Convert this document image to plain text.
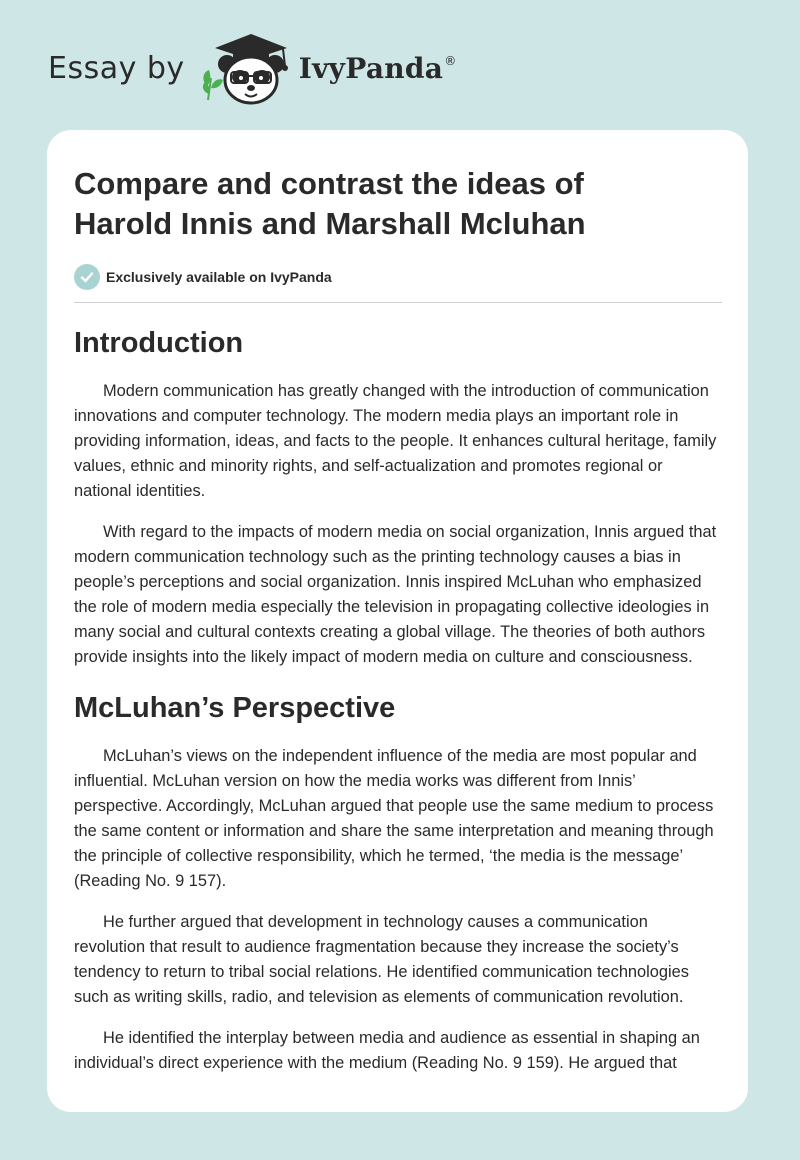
Essay by	IvyPanda ®
Compare and contrast the ideas of
Harold Innis and Marshall Mcluhan
Exclusively available on IvyPanda
Introduction

Modern communication has greatly changed with the introduction of communication innovations and computer technology. The modern media plays an important role in providing information, ideas, and facts to the people. It enhances cultural heritage, family values, ethnic and minority rights, and self-actualization and promotes regional or national identities.

With regard to the impacts of modern media on social organization, Innis argued that modern communication technology such as the printing technology causes a bias in people’s perceptions and social organization. Innis inspired McLuhan who emphasized the role of modern media especially the television in propagating collective ideologies in many social and cultural contexts creating a global village. The theories of both authors provide insights into the likely impact of modern media on culture and consciousness.

McLuhan’s Perspective

McLuhan’s views on the independent influence of the media are most popular and influential. McLuhan version on how the media works was different from Innis’ perspective. Accordingly, McLuhan argued that people use the same medium to process the same content or information and share the same interpretation and meaning through the principle of collective responsibility, which he termed, ‘the media is the message’ (Reading No. 9 157).

He further argued that development in technology causes a communication revolution that result to audience fragmentation because they increase the society’s tendency to return to tribal social relations. He identified communication technologies such as writing skills, radio, and television as elements of communication revolution.

He identified the interplay between media and audience as essential in shaping an individual’s direct experience with the medium (Reading No. 9 159). He argued that
